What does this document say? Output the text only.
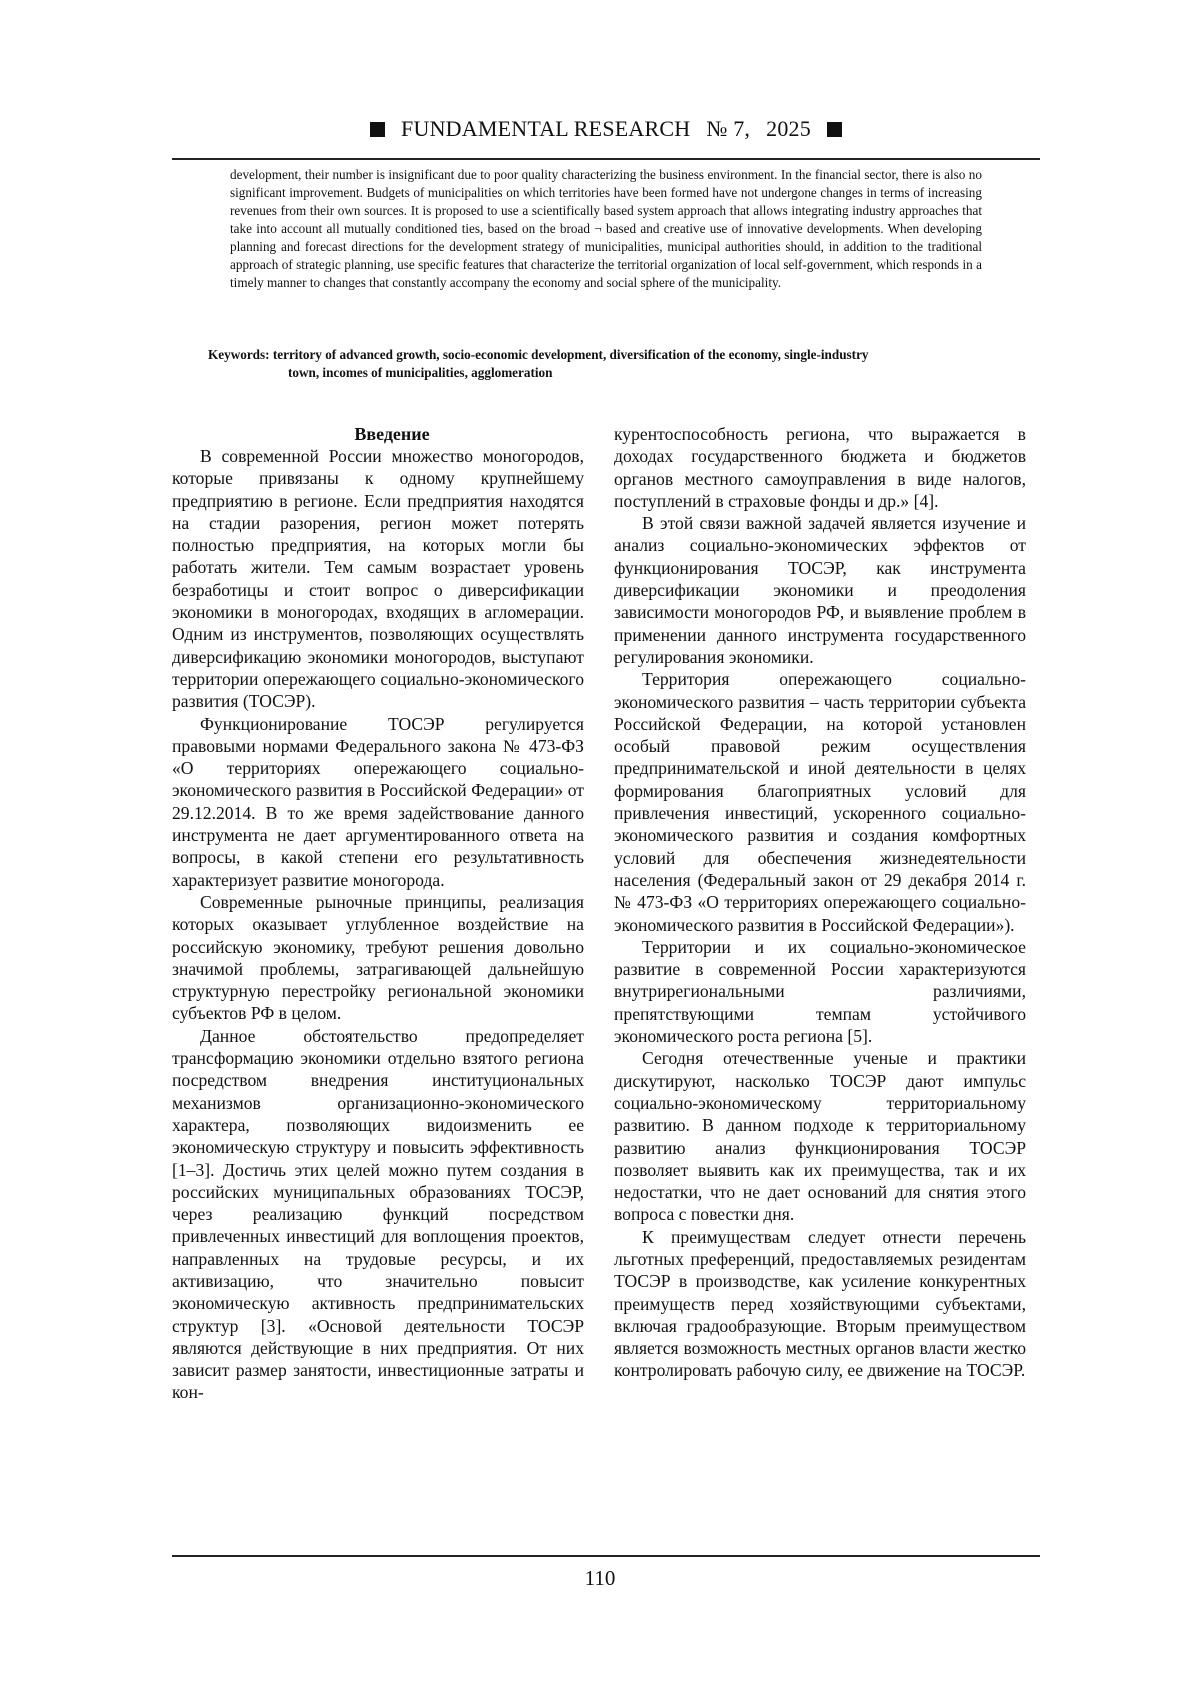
FUNDAMENTAL RESEARCH № 7, 2025

development, their number is insignificant due to poor quality characterizing the business environment. In the financial sector, there is also no significant improvement. Budgets of municipalities on which territories have been formed have not undergone changes in terms of increasing revenues from their own sources. It is proposed to use a scientifically based system approach that allows integrating industry approaches that take into account all mutually conditioned ties, based on the broad ¬ based and creative use of innovative developments. When developing planning and forecast directions for the development strategy of municipalities, municipal authorities should, in addition to the traditional approach of strategic planning, use specific features that characterize the territorial organization of local self-government, which responds in a timely manner to changes that constantly accompany the economy and social sphere of the municipality.

Keywords: territory of advanced growth, socio-economic development, diversification of the economy, single-industry
town, incomes of municipalities, agglomeration

Введение

В современной России множество моногородов, которые привязаны к одному крупнейшему предприятию в регионе. Если предприятия находятся на стадии разорения, регион может потерять полностью предприятия, на которых могли бы работать жители. Тем самым возрастает уровень безработицы и стоит вопрос о диверсификации экономики в моногородах, входящих в агломерации. Одним из инструментов, позволяющих осуществлять диверсификацию экономики моногородов, выступают территории опережающего социально-экономического развития (ТОСЭР).

Функционирование ТОСЭР регулируется правовыми нормами Федерального закона № 473-ФЗ «О территориях опережающего социально-экономического развития в Российской Федерации» от 29.12.2014. В то же время задействование данного инструмента не дает аргументированного ответа на вопросы, в какой степени его результативность характеризует развитие моногорода.

Современные рыночные принципы, реализация которых оказывает углубленное воздействие на российскую экономику, требуют решения довольно значимой проблемы, затрагивающей дальнейшую структурную перестройку региональной экономики субъектов РФ в целом.

Данное обстоятельство предопределяет трансформацию экономики отдельно взятого региона посредством внедрения институциональных механизмов организационно-экономического характера, позволяющих видоизменить ее экономическую структуру и повысить эффективность [1–3]. Достичь этих целей можно путем создания в российских муниципальных образованиях ТОСЭР, через реализацию функций посредством привлеченных инвестиций для воплощения проектов, направленных на трудовые ресурсы, и их активизацию, что значительно повысит экономическую активность предпринимательских структур [3]. «Основой деятельности ТОСЭР являются действующие в них предприятия. От них зависит размер занятости, инвестиционные затраты и кон-

курентоспособность региона, что выражается в доходах государственного бюджета и бюджетов органов местного самоуправления в виде налогов, поступлений в страховые фонды и др.» [4].

В этой связи важной задачей является изучение и анализ социально-экономических эффектов от функционирования ТОСЭР, как инструмента диверсификации экономики и преодоления зависимости моногородов РФ, и выявление проблем в применении данного инструмента государственного регулирования экономики.

Территория опережающего социально-экономического развития – часть территории субъекта Российской Федерации, на которой установлен особый правовой режим осуществления предпринимательской и иной деятельности в целях формирования благоприятных условий для привлечения инвестиций, ускоренного социально-экономического развития и создания комфортных условий для обеспечения жизнедеятельности населения (Федеральный закон от 29 декабря 2014 г. № 473-ФЗ «О территориях опережающего социально-экономического развития в Российской Федерации»).

Территории и их социально-экономическое развитие в современной России характеризуются внутрирегиональными различиями, препятствующими темпам устойчивого экономического роста региона [5].

Сегодня отечественные ученые и практики дискутируют, насколько ТОСЭР дают импульс социально-экономическому территориальному развитию. В данном подходе к территориальному развитию анализ функционирования ТОСЭР позволяет выявить как их преимущества, так и их недостатки, что не дает оснований для снятия этого вопроса с повестки дня.

К преимуществам следует отнести перечень льготных преференций, предоставляемых резидентам ТОСЭР в производстве, как усиление конкурентных преимуществ перед хозяйствующими субъектами, включая градообразующие. Вторым преимуществом является возможность местных органов власти жестко контролировать рабочую силу, ее движение на ТОСЭР.

110
